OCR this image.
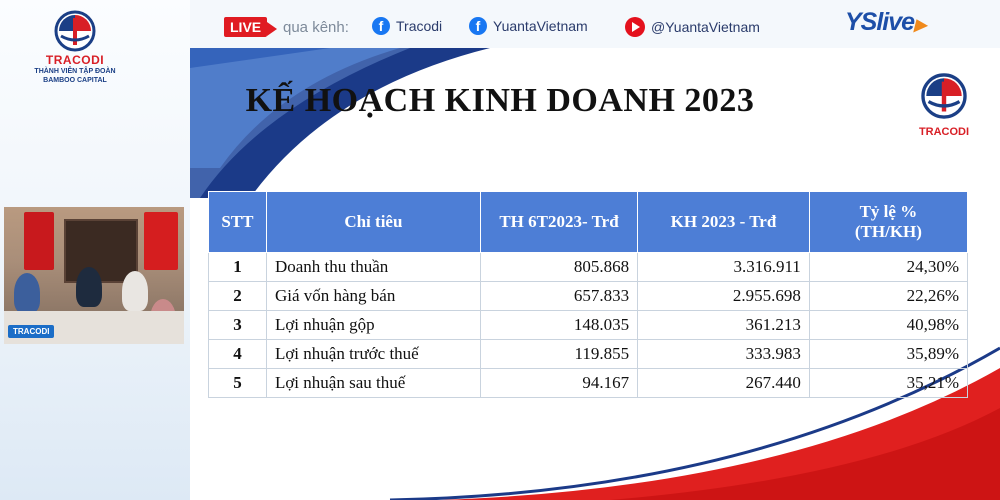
TRACODI
THÀNH VIÊN TẬP ĐOÀN
BAMBOO CAPITAL
TRACODI
LIVE	qua kênh:	f Tracodi	f YuantaVietnam	@YuantaVietnam	YSlive▶
KẾ HOẠCH KINH DOANH 2023
TRACODI
STT	Chỉ tiêu	TH 6T2023- Trđ	KH 2023 - Trđ	Tỷ lệ %
(TH/KH)

1	Doanh thu thuần	805.868	3.316.911	24,30%
2	Giá vốn hàng bán	657.833	2.955.698	22,26%
3	Lợi nhuận gộp	148.035	361.213	40,98%
4	Lợi nhuận trước thuế	119.855	333.983	35,89%
5	Lợi nhuận sau thuế	94.167	267.440	35,21%
